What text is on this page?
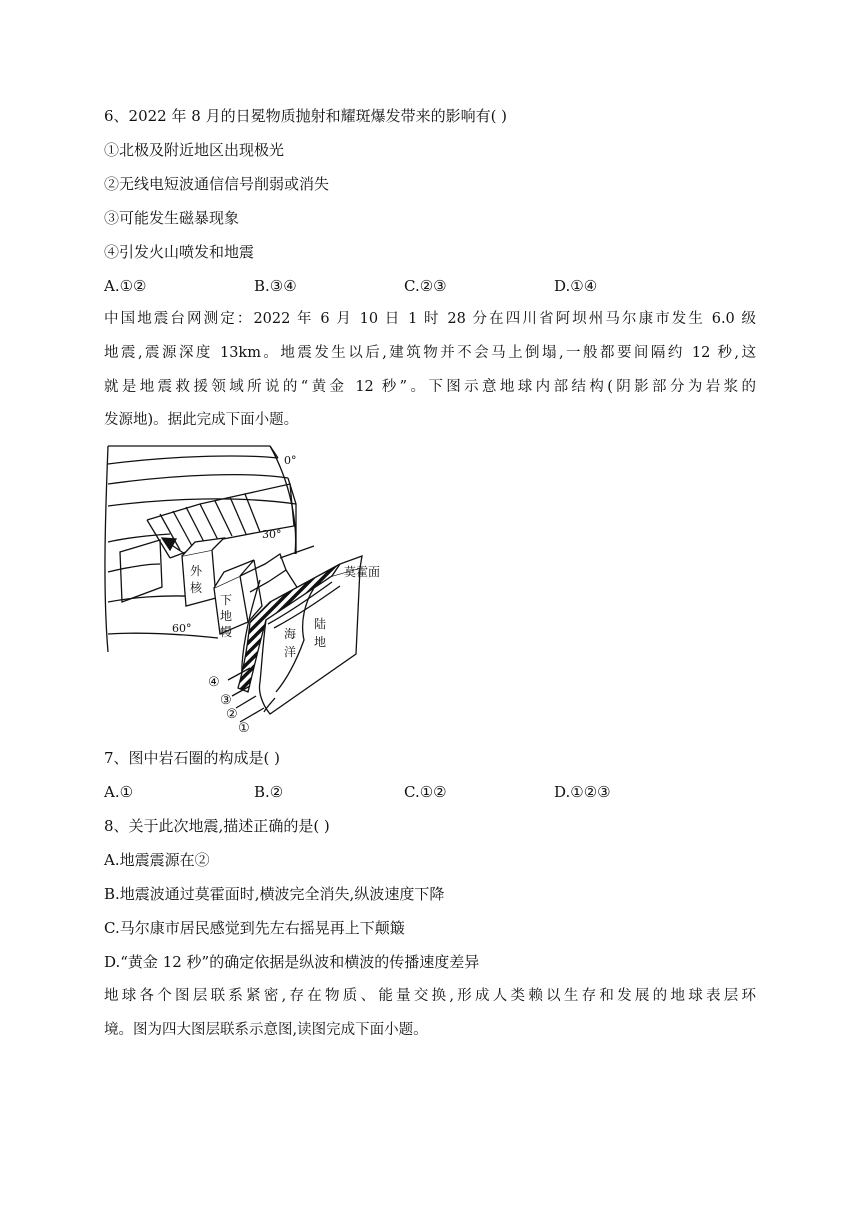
6、2022 年 8 月的日冕物质抛射和耀斑爆发带来的影响有( )
①北极及附近地区出现极光
②无线电短波通信信号削弱或消失
③可能发生磁暴现象
④引发火山喷发和地震
A.①②	B.③④	C.②③	D.①④
中国地震台网测定：2022 年 6 月 10 日 1 时 28 分在四川省阿坝州马尔康市发生 6.0 级
地震,震源深度 13km。地震发生以后,建筑物并不会马上倒塌,一般都要间隔约 12 秒,这
就是地震救援领域所说的“黄金 12 秒”。下图示意地球内部结构(阴影部分为岩浆的
发源地)。据此完成下面小题。
0°
30°
60°
外
核
下
地
幔
莫霍面
海
洋
陆
地
④
③
②
①
7、图中岩石圈的构成是( )
A.①	B.②	C.①②	D.①②③
8、关于此次地震,描述正确的是( )
A.地震震源在②
B.地震波通过莫霍面时,横波完全消失,纵波速度下降
C.马尔康市居民感觉到先左右摇晃再上下颠簸
D.“黄金 12 秒”的确定依据是纵波和横波的传播速度差异
地球各个图层联系紧密,存在物质、能量交换,形成人类赖以生存和发展的地球表层环
境。图为四大图层联系示意图,读图完成下面小题。
